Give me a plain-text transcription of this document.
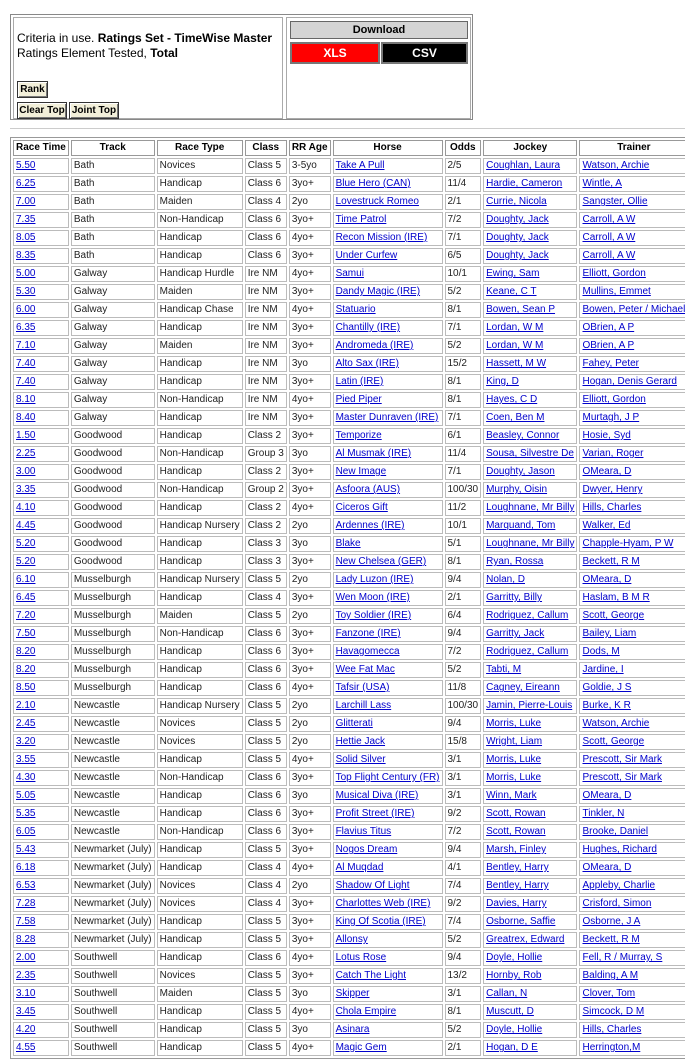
Criteria in use. Ratings Set - TimeWise Master
Ratings Element Tested, Total
Rank
Clear Top Joint Top
Download
XLS	CSV
Race Time	Track	Race Type	Class	RR Age	Horse	Odds	Jockey	Trainer
5.50	Bath	Novices	Class 5	3-5yo	Take A Pull	2/5	Coughlan, Laura	Watson, Archie
6.25	Bath	Handicap	Class 6	3yo+	Blue Hero (CAN)	11/4	Hardie, Cameron	Wintle, A
7.00	Bath	Maiden	Class 4	2yo	Lovestruck Romeo	2/1	Currie, Nicola	Sangster, Ollie
7.35	Bath	Non-Handicap	Class 6	3yo+	Time Patrol	7/2	Doughty, Jack	Carroll, A W
8.05	Bath	Handicap	Class 6	4yo+	Recon Mission (IRE)	7/1	Doughty, Jack	Carroll, A W
8.35	Bath	Handicap	Class 6	3yo+	Under Curfew	6/5	Doughty, Jack	Carroll, A W
5.00	Galway	Handicap Hurdle	Ire NM	4yo+	Samui	10/1	Ewing, Sam	Elliott, Gordon
5.30	Galway	Maiden	Ire NM	3yo+	Dandy Magic (IRE)	5/2	Keane, C T	Mullins, Emmet
6.00	Galway	Handicap Chase	Ire NM	4yo+	Statuario	8/1	Bowen, Sean P	Bowen, Peter / Michael
6.35	Galway	Handicap	Ire NM	3yo+	Chantilly (IRE)	7/1	Lordan, W M	OBrien, A P
7.10	Galway	Maiden	Ire NM	3yo+	Andromeda (IRE)	5/2	Lordan, W M	OBrien, A P
7.40	Galway	Handicap	Ire NM	3yo	Alto Sax (IRE)	15/2	Hassett, M W	Fahey, Peter
7.40	Galway	Handicap	Ire NM	3yo+	Latin (IRE)	8/1	King, D	Hogan, Denis Gerard
8.10	Galway	Non-Handicap	Ire NM	4yo+	Pied Piper	8/1	Hayes, C D	Elliott, Gordon
8.40	Galway	Handicap	Ire NM	3yo+	Master Dunraven (IRE)	7/1	Coen, Ben M	Murtagh, J P
1.50	Goodwood	Handicap	Class 2	3yo+	Temporize	6/1	Beasley, Connor	Hosie, Syd
2.25	Goodwood	Non-Handicap	Group 3	3yo	Al Musmak (IRE)	11/4	Sousa, Silvestre De	Varian, Roger
3.00	Goodwood	Handicap	Class 2	3yo+	New Image	7/1	Doughty, Jason	OMeara, D
3.35	Goodwood	Non-Handicap	Group 2	3yo+	Asfoora (AUS)	100/30	Murphy, Oisin	Dwyer, Henry
4.10	Goodwood	Handicap	Class 2	4yo+	Ciceros Gift	11/2	Loughnane, Mr Billy	Hills, Charles
4.45	Goodwood	Handicap Nursery	Class 2	2yo	Ardennes (IRE)	10/1	Marquand, Tom	Walker, Ed
5.20	Goodwood	Handicap	Class 3	3yo	Blake	5/1	Loughnane, Mr Billy	Chapple-Hyam, P W
5.20	Goodwood	Handicap	Class 3	3yo+	New Chelsea (GER)	8/1	Ryan, Rossa	Beckett, R M
6.10	Musselburgh	Handicap Nursery	Class 5	2yo	Lady Luzon (IRE)	9/4	Nolan, D	OMeara, D
6.45	Musselburgh	Handicap	Class 4	3yo+	Wen Moon (IRE)	2/1	Garritty, Billy	Haslam, B M R
7.20	Musselburgh	Maiden	Class 5	2yo	Toy Soldier (IRE)	6/4	Rodriguez, Callum	Scott, George
7.50	Musselburgh	Non-Handicap	Class 6	3yo+	Fanzone (IRE)	9/4	Garritty, Jack	Bailey, Liam
8.20	Musselburgh	Handicap	Class 6	3yo+	Havagomecca	7/2	Rodriguez, Callum	Dods, M
8.20	Musselburgh	Handicap	Class 6	3yo+	Wee Fat Mac	5/2	Tabti, M	Jardine, I
8.50	Musselburgh	Handicap	Class 6	4yo+	Tafsir (USA)	11/8	Cagney, Eireann	Goldie, J S
2.10	Newcastle	Handicap Nursery	Class 5	2yo	Larchill Lass	100/30	Jamin, Pierre-Louis	Burke, K R
2.45	Newcastle	Novices	Class 5	2yo	Glitterati	9/4	Morris, Luke	Watson, Archie
3.20	Newcastle	Novices	Class 5	2yo	Hettie Jack	15/8	Wright, Liam	Scott, George
3.55	Newcastle	Handicap	Class 5	4yo+	Solid Silver	3/1	Morris, Luke	Prescott, Sir Mark
4.30	Newcastle	Non-Handicap	Class 6	3yo+	Top Flight Century (FR)	3/1	Morris, Luke	Prescott, Sir Mark
5.05	Newcastle	Handicap	Class 6	3yo	Musical Diva (IRE)	3/1	Winn, Mark	OMeara, D
5.35	Newcastle	Handicap	Class 6	3yo+	Profit Street (IRE)	9/2	Scott, Rowan	Tinkler, N
6.05	Newcastle	Non-Handicap	Class 6	3yo+	Flavius Titus	7/2	Scott, Rowan	Brooke, Daniel
5.43	Newmarket (July)	Handicap	Class 5	3yo+	Nogos Dream	9/4	Marsh, Finley	Hughes, Richard
6.18	Newmarket (July)	Handicap	Class 4	4yo+	Al Muqdad	4/1	Bentley, Harry	OMeara, D
6.53	Newmarket (July)	Novices	Class 4	2yo	Shadow Of Light	7/4	Bentley, Harry	Appleby, Charlie
7.28	Newmarket (July)	Novices	Class 4	3yo+	Charlottes Web (IRE)	9/2	Davies, Harry	Crisford, Simon
7.58	Newmarket (July)	Handicap	Class 5	3yo+	King Of Scotia (IRE)	7/4	Osborne, Saffie	Osborne, J A
8.28	Newmarket (July)	Handicap	Class 5	3yo+	Allonsy	5/2	Greatrex, Edward	Beckett, R M
2.00	Southwell	Handicap	Class 6	4yo+	Lotus Rose	9/4	Doyle, Hollie	Fell, R / Murray, S
2.35	Southwell	Novices	Class 5	3yo+	Catch The Light	13/2	Hornby, Rob	Balding, A M
3.10	Southwell	Maiden	Class 5	3yo	Skipper	3/1	Callan, N	Clover, Tom
3.45	Southwell	Handicap	Class 5	4yo+	Chola Empire	8/1	Muscutt, D	Simcock, D M
4.20	Southwell	Handicap	Class 5	3yo	Asinara	5/2	Doyle, Hollie	Hills, Charles
4.55	Southwell	Handicap	Class 5	4yo+	Magic Gem	2/1	Hogan, D E	Herrington,M
